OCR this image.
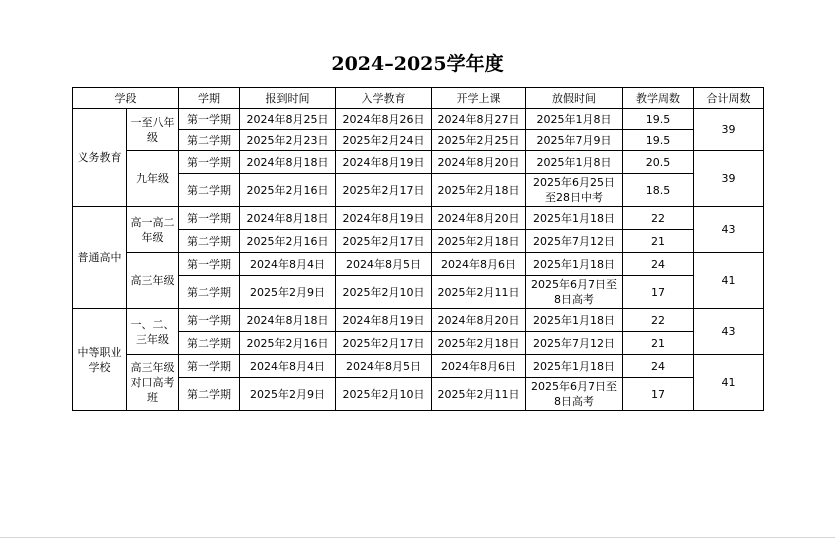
2024–2025学年度
学段		学期	报到时间	入学教育	开学上课	放假时间	教学周数	合计周数
义务教育	一至八年级	第一学期	2024年8月25日	2024年8月26日	2024年8月27日	2025年1月8日	19.5	39
		第二学期	2025年2月23日	2025年2月24日	2025年2月25日	2025年7月9日	19.5	
	九年级	第一学期	2024年8月18日	2024年8月19日	2024年8月20日	2025年1月8日	20.5	39
		第二学期	2025年2月16日	2025年2月17日	2025年2月18日	2025年6月25日至28日中考	18.5	
普通高中	高一高二年级	第一学期	2024年8月18日	2024年8月19日	2024年8月20日	2025年1月18日	22	43
		第二学期	2025年2月16日	2025年2月17日	2025年2月18日	2025年7月12日	21	
	高三年级	第一学期	2024年8月4日	2024年8月5日	2024年8月6日	2025年1月18日	24	41
		第二学期	2025年2月9日	2025年2月10日	2025年2月11日	2025年6月7日至8日高考	17	
中等职业学校	一、二、三年级	第一学期	2024年8月18日	2024年8月19日	2024年8月20日	2025年1月18日	22	43
		第二学期	2025年2月16日	2025年2月17日	2025年2月18日	2025年7月12日	21	
	高三年级对口高考班	第一学期	2024年8月4日	2024年8月5日	2024年8月6日	2025年1月18日	24	41
		第二学期	2025年2月9日	2025年2月10日	2025年2月11日	2025年6月7日至8日高考	17	
